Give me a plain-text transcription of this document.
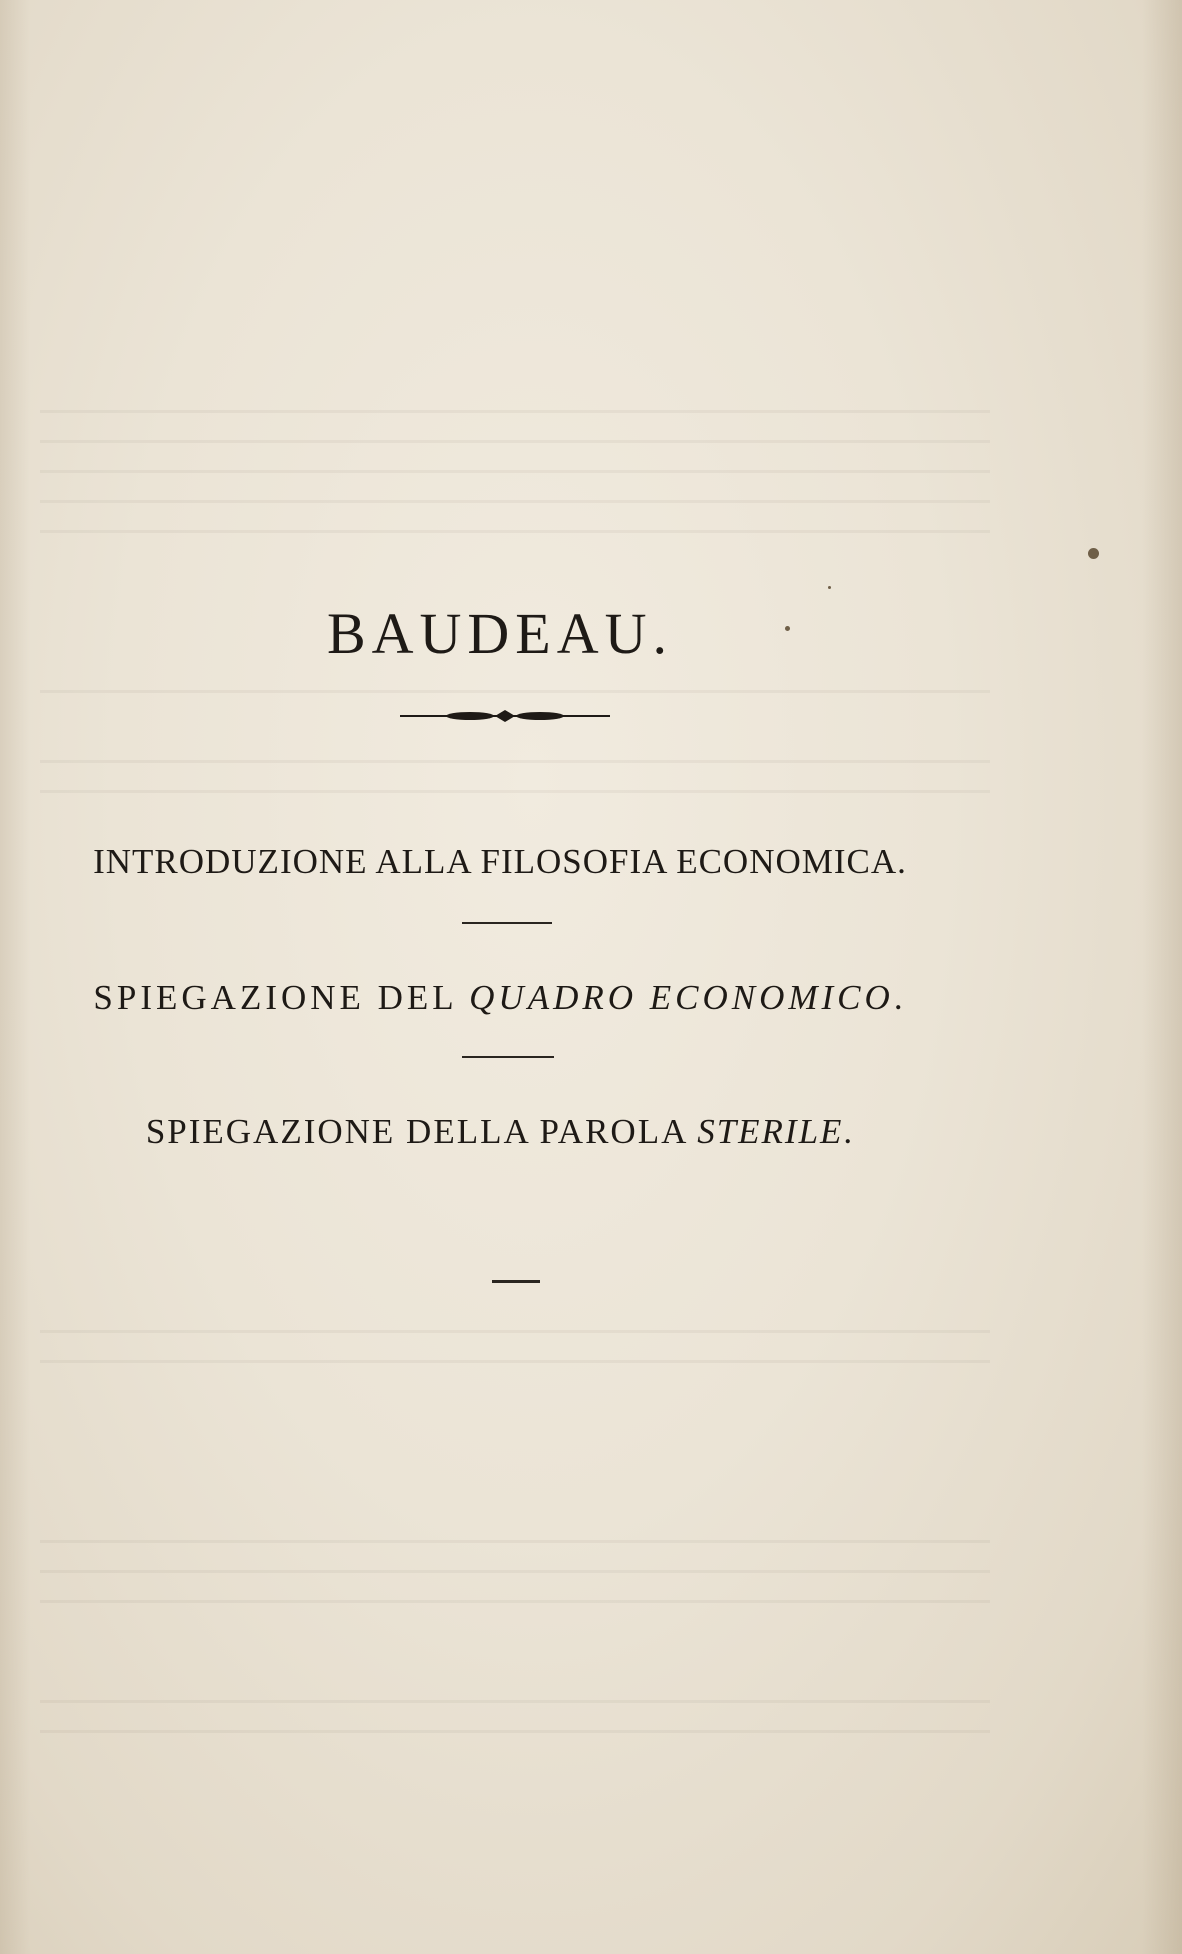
BAUDEAU.
INTRODUZIONE ALLA FILOSOFIA ECONOMICA.
SPIEGAZIONE DEL QUADRO ECONOMICO.
SPIEGAZIONE DELLA PAROLA STERILE.
